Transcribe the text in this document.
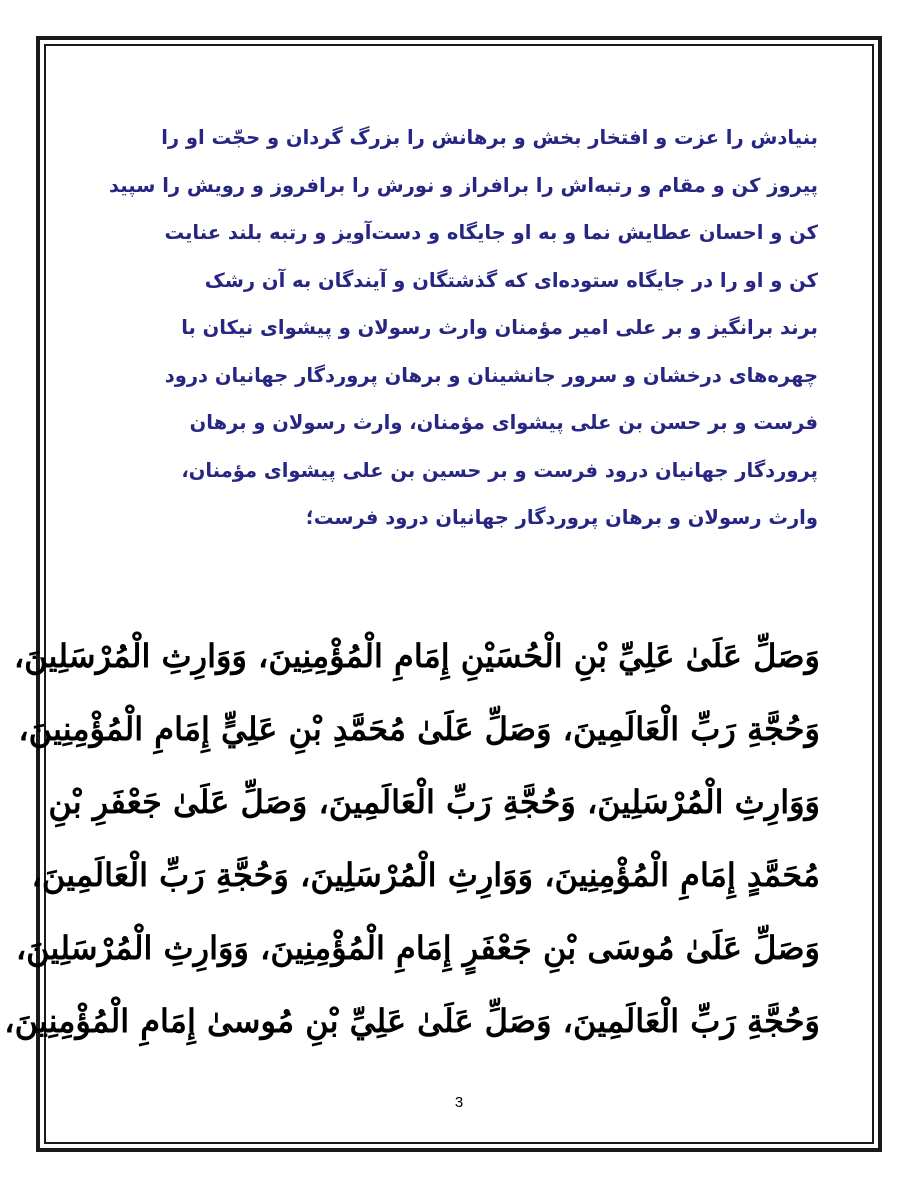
بنیادش را عزت و افتخار بخش و برهانش را بزرگ گردان و حجّت او را
پیروز کن و مقام و رتبه‌اش را برافراز و نورش را برافروز و رویش را سپید
کن و احسان عطایش نما و به او جایگاه و دست‌آویز و رتبه بلند عنایت
کن و او را در جایگاه ستوده‌ای که گذشتگان و آیندگان به آن رشک
برند برانگیز و بر علی امیر مؤمنان وارث رسولان و پیشوای نیکان با
چهره‌های درخشان و سرور جانشینان و برهان پروردگار جهانیان درود
فرست و بر حسن بن علی پیشوای مؤمنان، وارث رسولان و برهان
پروردگار جهانیان درود فرست و بر حسین بن علی پیشوای مؤمنان،
وارث رسولان و برهان پروردگار جهانیان درود فرست؛
وَصَلِّ عَلَىٰ عَلِيِّ بْنِ الْحُسَيْنِ إِمَامِ الْمُؤْمِنِينَ، وَوَارِثِ الْمُرْسَلِينَ،
وَحُجَّةِ رَبِّ الْعَالَمِينَ، وَصَلِّ عَلَىٰ مُحَمَّدِ بْنِ عَلِيٍّ إِمَامِ الْمُؤْمِنِينَ،
وَوَارِثِ الْمُرْسَلِينَ، وَحُجَّةِ رَبِّ الْعَالَمِينَ، وَصَلِّ عَلَىٰ جَعْفَرِ بْنِ
مُحَمَّدٍ إِمَامِ الْمُؤْمِنِينَ، وَوَارِثِ الْمُرْسَلِينَ، وَحُجَّةِ رَبِّ الْعَالَمِينَ،
وَصَلِّ عَلَىٰ مُوسَى بْنِ جَعْفَرٍ إِمَامِ الْمُؤْمِنِينَ، وَوَارِثِ الْمُرْسَلِينَ،
وَحُجَّةِ رَبِّ الْعَالَمِينَ، وَصَلِّ عَلَىٰ عَلِيِّ بْنِ مُوسىٰ إِمَامِ الْمُؤْمِنِينَ،
3
